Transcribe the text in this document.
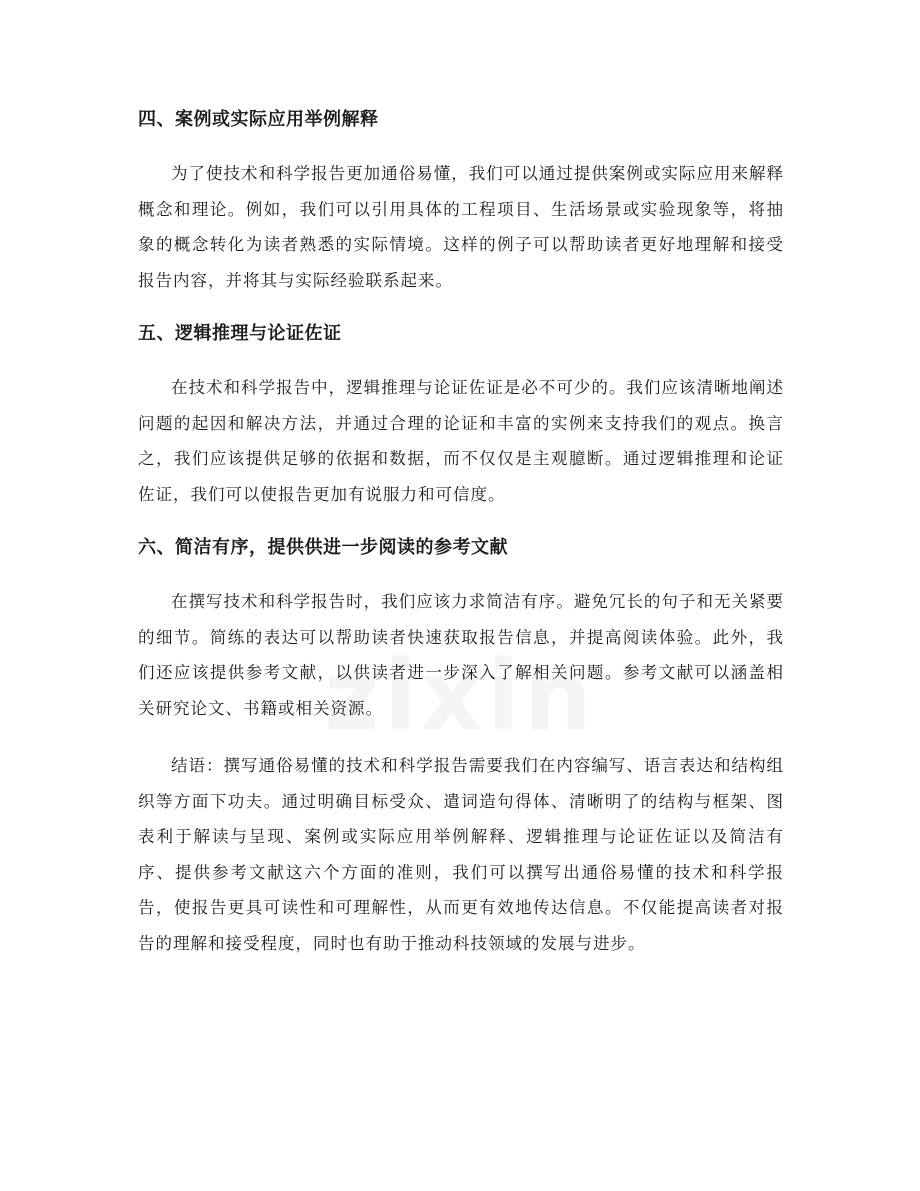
四、案例或实际应用举例解释

为了使技术和科学报告更加通俗易懂，我们可以通过提供案例或实际应用来解释概念和理论。例如，我们可以引用具体的工程项目、生活场景或实验现象等，将抽象的概念转化为读者熟悉的实际情境。这样的例子可以帮助读者更好地理解和接受报告内容，并将其与实际经验联系起来。

五、逻辑推理与论证佐证

在技术和科学报告中，逻辑推理与论证佐证是必不可少的。我们应该清晰地阐述问题的起因和解决方法，并通过合理的论证和丰富的实例来支持我们的观点。换言之，我们应该提供足够的依据和数据，而不仅仅是主观臆断。通过逻辑推理和论证佐证，我们可以使报告更加有说服力和可信度。

六、简洁有序，提供供进一步阅读的参考文献

在撰写技术和科学报告时，我们应该力求简洁有序。避免冗长的句子和无关紧要的细节。简练的表达可以帮助读者快速获取报告信息，并提高阅读体验。此外，我们还应该提供参考文献，以供读者进一步深入了解相关问题。参考文献可以涵盖相关研究论文、书籍或相关资源。

结语：撰写通俗易懂的技术和科学报告需要我们在内容编写、语言表达和结构组织等方面下功夫。通过明确目标受众、遣词造句得体、清晰明了的结构与框架、图表利于解读与呈现、案例或实际应用举例解释、逻辑推理与论证佐证以及简洁有序、提供参考文献这六个方面的准则，我们可以撰写出通俗易懂的技术和科学报告，使报告更具可读性和可理解性，从而更有效地传达信息。不仅能提高读者对报告的理解和接受程度，同时也有助于推动科技领域的发展与进步。
